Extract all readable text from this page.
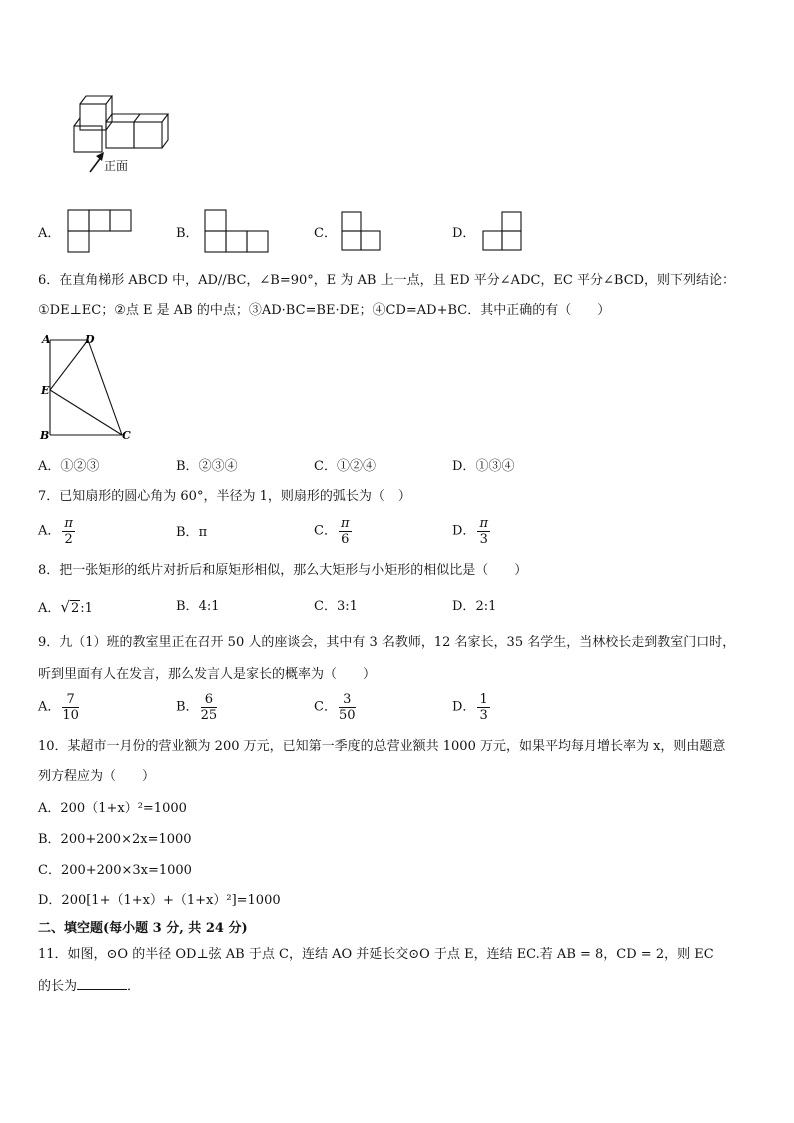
正面
A．	B．	C．	D．
6．在直角梯形 ABCD 中，AD//BC，∠B=90°，E 为 AB 上一点，且 ED 平分∠ADC，EC 平分∠BCD，则下列结论：
①DE⊥EC；②点 E 是 AB 的中点；③AD·BC=BE·DE；④CD=AD+BC．其中正确的有（　　）
A	D
E
B	C
A．①②③	B．②③④	C．①②④	D．①③④
7．已知扇形的圆心角为 60°，半径为 1，则扇形的弧长为（　）
A． $\frac{\pi}{2}$	B．π	C． $\frac{\pi}{6}$	D． $\frac{\pi}{3}$
8．把一张矩形的纸片对折后和原矩形相似，那么大矩形与小矩形的相似比是（　　）
A．√2:1	B．4:1	C．3:1	D．2:1
9．九（1）班的教室里正在召开 50 人的座谈会，其中有 3 名教师，12 名家长，35 名学生，当林校长走到教室门口时，
听到里面有人在发言，那么发言人是家长的概率为（　　）
A． $\frac{7}{10}$	B． $\frac{6}{25}$	C． $\frac{3}{50}$	D． $\frac{1}{3}$
10．某超市一月份的营业额为 200 万元，已知第一季度的总营业额共 1000 万元，如果平均每月增长率为 x，则由题意
列方程应为（　　）
A．200（1+x）²=1000
B．200+200×2x=1000
C．200+200×3x=1000
D．200[1+（1+x）+（1+x）²]=1000
二、填空题(每小题 3 分, 共 24 分)
11．如图，⊙O 的半径 OD⊥弦 AB 于点 C，连结 AO 并延长交⊙O 于点 E，连结 EC.若 AB = 8，CD = 2，则 EC
的长为	．
